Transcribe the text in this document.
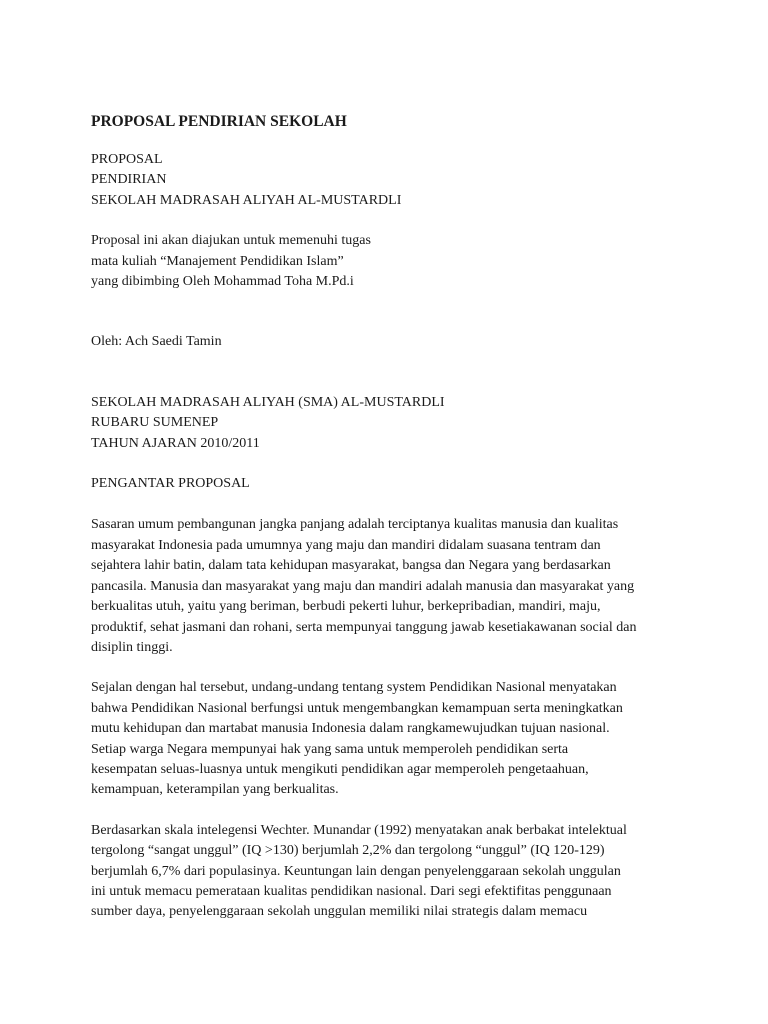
PROPOSAL PENDIRIAN SEKOLAH
PROPOSAL
PENDIRIAN
SEKOLAH MADRASAH ALIYAH AL-MUSTARDLI
Proposal ini akan diajukan untuk memenuhi tugas
mata kuliah “Manajement Pendidikan Islam”
yang dibimbing Oleh Mohammad Toha M.Pd.i
Oleh: Ach Saedi Tamin
SEKOLAH MADRASAH ALIYAH (SMA) AL-MUSTARDLI
RUBARU SUMENEP
TAHUN AJARAN 2010/2011
PENGANTAR PROPOSAL
Sasaran umum pembangunan jangka panjang adalah terciptanya kualitas manusia dan kualitas
masyarakat Indonesia pada umumnya yang maju dan mandiri didalam suasana tentram dan
sejahtera lahir batin, dalam tata kehidupan masyarakat, bangsa dan Negara yang berdasarkan
pancasila. Manusia dan masyarakat yang maju dan mandiri adalah manusia dan masyarakat yang
berkualitas utuh, yaitu yang beriman, berbudi pekerti luhur, berkepribadian, mandiri, maju,
produktif, sehat jasmani dan rohani, serta mempunyai tanggung jawab kesetiakawanan social dan
disiplin tinggi.
Sejalan dengan hal tersebut, undang-undang tentang system Pendidikan Nasional menyatakan
bahwa Pendidikan Nasional berfungsi untuk mengembangkan kemampuan serta meningkatkan
mutu kehidupan dan martabat manusia Indonesia dalam rangkamewujudkan tujuan nasional.
Setiap warga Negara mempunyai hak yang sama untuk memperoleh pendidikan serta
kesempatan seluas-luasnya untuk mengikuti pendidikan agar memperoleh pengetaahuan,
kemampuan, keterampilan yang berkualitas.
Berdasarkan skala intelegensi Wechter. Munandar (1992) menyatakan anak berbakat intelektual
tergolong “sangat unggul” (IQ >130) berjumlah 2,2% dan tergolong “unggul” (IQ 120-129)
berjumlah 6,7% dari populasinya. Keuntungan lain dengan penyelenggaraan sekolah unggulan
ini untuk memacu pemerataan kualitas pendidikan nasional. Dari segi efektifitas penggunaan
sumber daya, penyelenggaraan sekolah unggulan memiliki nilai strategis dalam memacu
